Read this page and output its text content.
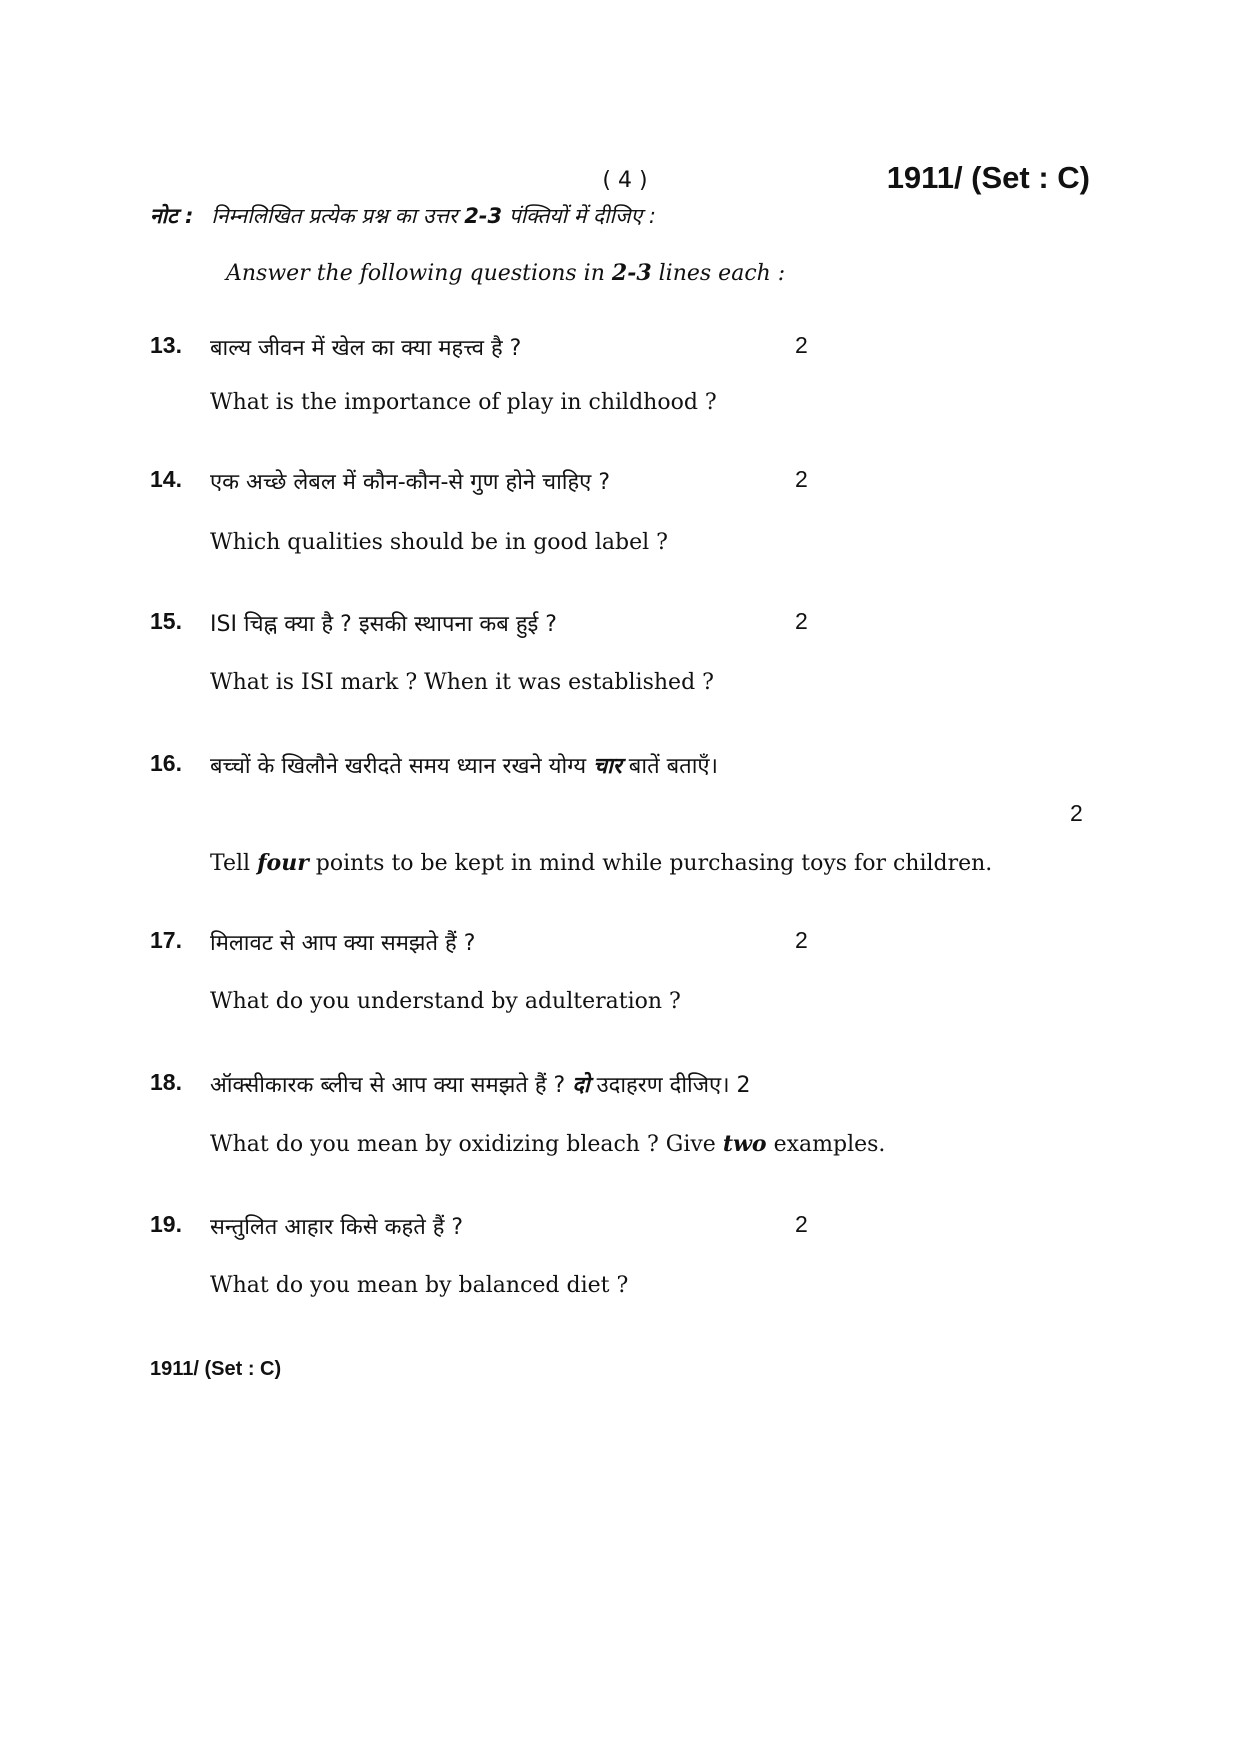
( 4 )	1911/ (Set : C)
नोट : निम्नलिखित प्रत्येक प्रश्न का उत्तर 2-3 पंक्तियों में दीजिए :
Answer the following questions in 2-3 lines each :
13. बाल्य जीवन में खेल का क्या महत्त्व है ?	2
What is the importance of play in childhood ?
14. एक अच्छे लेबल में कौन-कौन-से गुण होने चाहिए ?	2
Which qualities should be in good label ?
15. ISI चिह्न क्या है ? इसकी स्थापना कब हुई ?	2
What is ISI mark ? When it was established ?
16. बच्चों के खिलौने खरीदते समय ध्यान रखने योग्य चार बातें बताएँ।
Tell four points to be kept in mind while purchasing toys for children.
2
17. मिलावट से आप क्या समझते हैं ?	2
What do you understand by adulteration ?
18. ऑक्सीकारक ब्लीच से आप क्या समझते हैं ? दो उदाहरण दीजिए। 2
What do you mean by oxidizing bleach ? Give two examples.
19. सन्तुलित आहार किसे कहते हैं ?	2
What do you mean by balanced diet ?
1911/ (Set : C)
